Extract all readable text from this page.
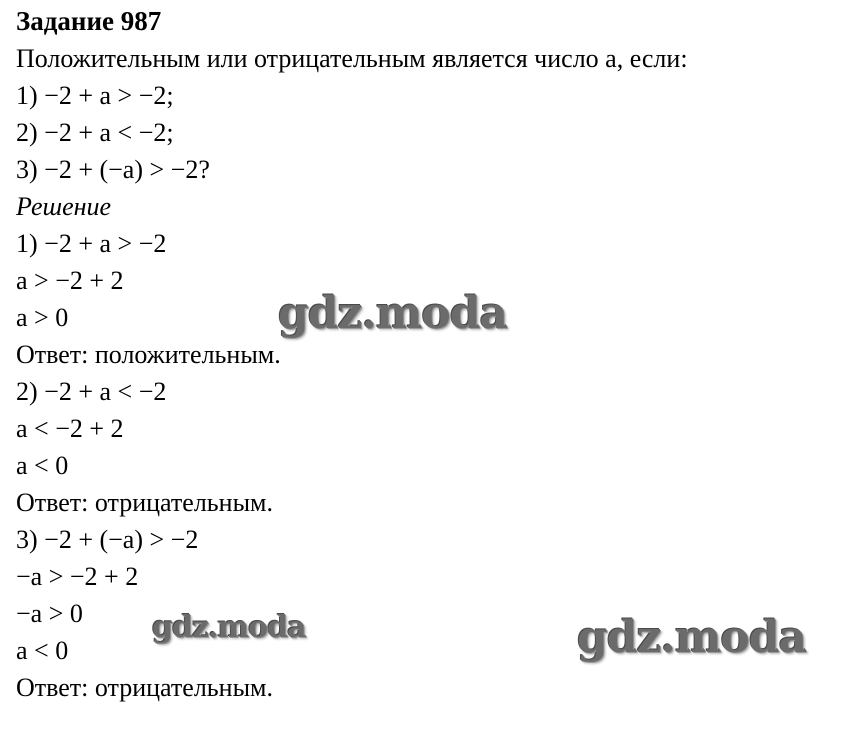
Задание 987
Положительным или отрицательным является число a, если:
1) −2 + a > −2;
2) −2 + a < −2;
3) −2 + (−a) > −2?
Решение
1) −2 + a > −2
a > −2 + 2
a > 0
Ответ: положительным.
2) −2 + a < −2
a < −2 + 2
a < 0
Ответ: отрицательным.
3) −2 + (−a) > −2
−a > −2 + 2
−a > 0
a < 0
Ответ: отрицательным.
gdz.moda
gdz.moda	gdz.moda
